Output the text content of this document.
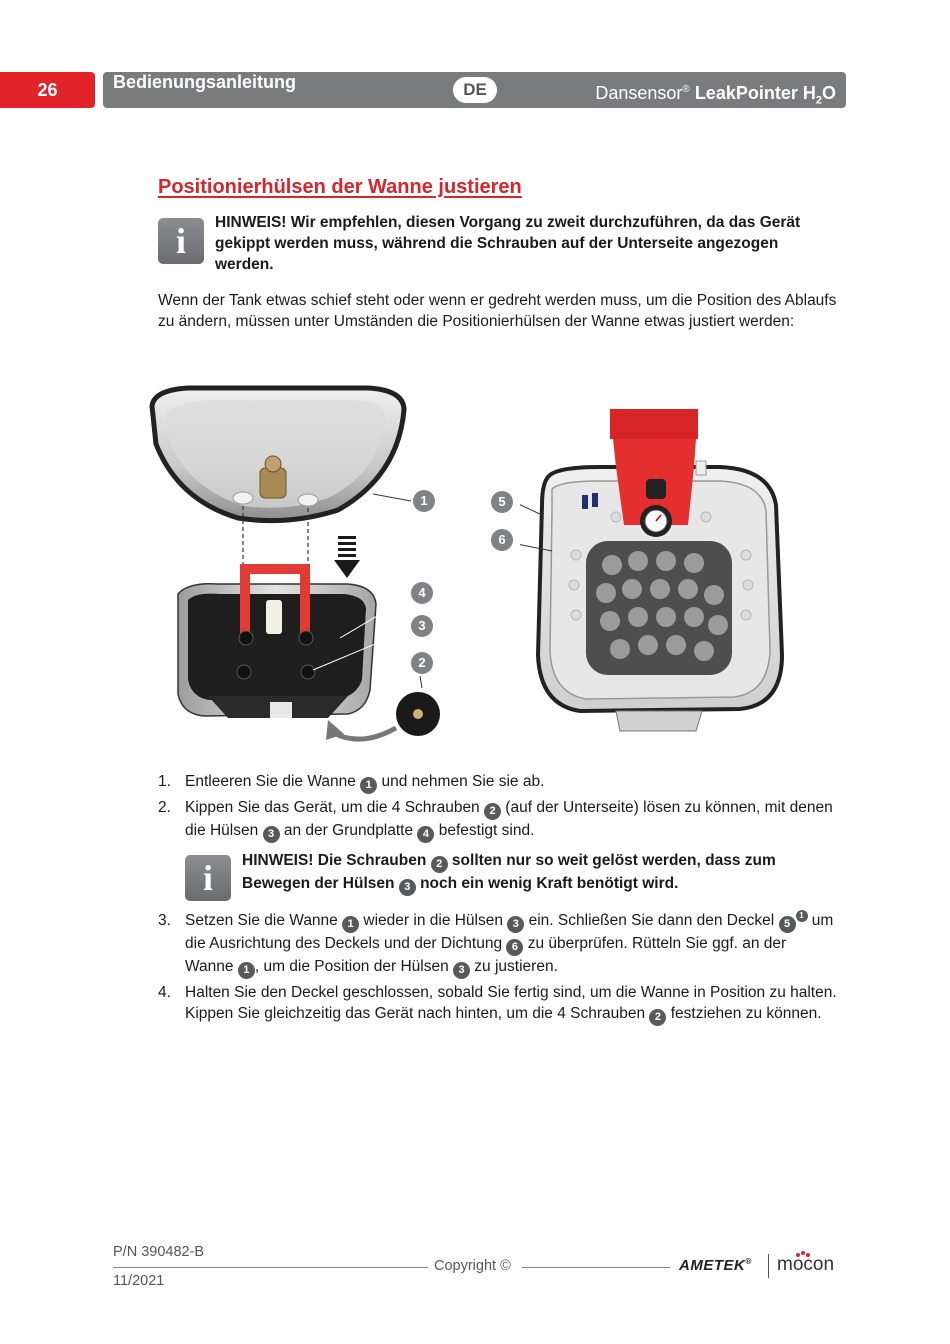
26	Bedienungsanleitung	DE	Dansensor® LeakPointer $H_2O$
Positionierhülsen der Wanne justieren
i	HINWEIS! Wir empfehlen, diesen Vorgang zu zweit durchzuführen, da das Gerät gekippt werden muss, während die Schrauben auf der Unterseite angezogen werden.
Wenn der Tank etwas schief steht oder wenn er gedreht werden muss, um die Position des Ablaufs zu ändern, müssen unter Umständen die Positionierhülsen der Wanne etwas justiert werden:
1
4
3
2
5
6
1. Entleeren Sie die Wanne 1 und nehmen Sie sie ab.
2. Kippen Sie das Gerät, um die 4 Schrauben 2 (auf der Unterseite) lösen zu können, mit denen die Hülsen 3 an der Grundplatte 4 befestigt sind.
i	HINWEIS! Die Schrauben 2 sollten nur so weit gelöst werden, dass zum Bewegen der Hülsen 3 noch ein wenig Kraft benötigt wird.
3. Setzen Sie die Wanne 1 wieder in die Hülsen 3 ein. Schließen Sie dann den Deckel 51 um die Ausrichtung des Deckels und der Dichtung 6 zu überprüfen. Rütteln Sie ggf. an der Wanne 1 , um die Position der Hülsen 3 zu justieren.
4. Halten Sie den Deckel geschlossen, sobald Sie fertig sind, um die Wanne in Position zu halten. Kippen Sie gleichzeitig das Gerät nach hinten, um die 4 Schrauben 2 festziehen zu können.
P/N 390482-B
11/2021
Copyright ©	AMETEK® mocon
